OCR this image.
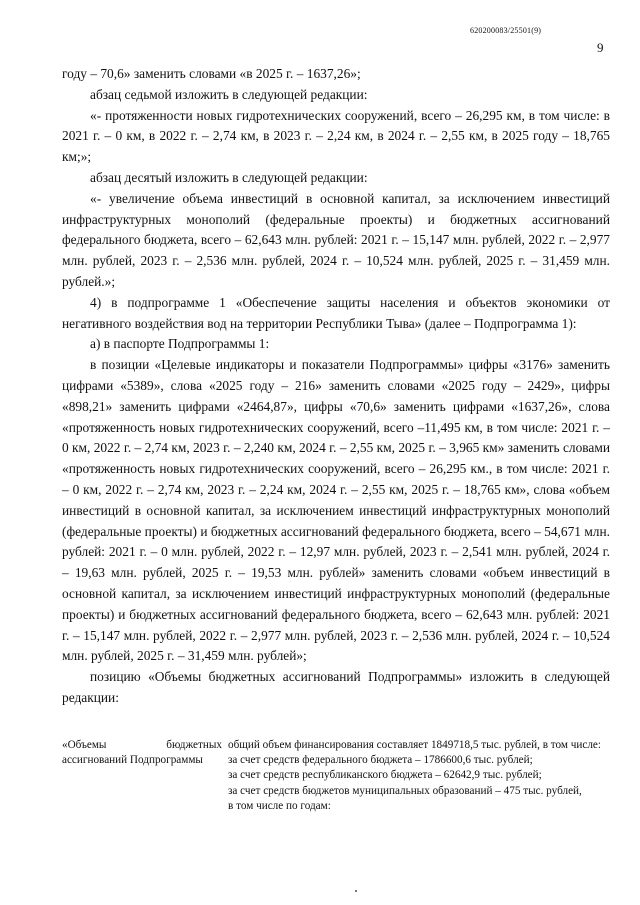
620200083/25501(9)
9

году – 70,6» заменить словами «в 2025 г. – 1637,26»;

абзац седьмой изложить в следующей редакции:

«- протяженности новых гидротехнических сооружений, всего – 26,295 км, в том числе: в 2021 г. – 0 км, в 2022 г. – 2,74 км, в 2023 г. – 2,24 км, в 2024 г. – 2,55 км, в 2025 году – 18,765 км;»;

абзац десятый изложить в следующей редакции:

«- увеличение объема инвестиций в основной капитал, за исключением инвестиций инфраструктурных монополий (федеральные проекты) и бюджетных ассигнований федерального бюджета, всего – 62,643 млн. рублей: 2021 г. – 15,147 млн. рублей, 2022 г. – 2,977 млн. рублей, 2023 г. – 2,536 млн. рублей, 2024 г. – 10,524 млн. рублей, 2025 г. – 31,459 млн. рублей.»;

4) в подпрограмме 1 «Обеспечение защиты населения и объектов экономики от негативного воздействия вод на территории Республики Тыва» (далее – Подпрограмма 1):

а) в паспорте Подпрограммы 1:

в позиции «Целевые индикаторы и показатели Подпрограммы» цифры «3176» заменить цифрами «5389», слова «2025 году – 216» заменить словами «2025 году – 2429», цифры «898,21» заменить цифрами «2464,87», цифры «70,6» заменить цифрами «1637,26», слова «протяженность новых гидротехнических сооружений, всего –11,495 км, в том числе: 2021 г. – 0 км, 2022 г. – 2,74 км, 2023 г. – 2,240 км, 2024 г. – 2,55 км, 2025 г. – 3,965 км» заменить словами «протяженность новых гидротехнических сооружений, всего – 26,295 км., в том числе: 2021 г. – 0 км, 2022 г. – 2,74 км, 2023 г. – 2,24 км, 2024 г. – 2,55 км, 2025 г. – 18,765 км», слова «объем инвестиций в основной капитал, за исключением инвестиций инфраструктурных монополий (федеральные проекты) и бюджетных ассигнований федерального бюджета, всего – 54,671 млн. рублей: 2021 г. – 0 млн. рублей, 2022 г. – 12,97 млн. рублей, 2023 г. – 2,541 млн. рублей, 2024 г. – 19,63 млн. рублей, 2025 г. – 19,53 млн. рублей» заменить словами «объем инвестиций в основной капитал, за исключением инвестиций инфраструктурных монополий (федеральные проекты) и бюджетных ассигнований федерального бюджета, всего – 62,643 млн. рублей: 2021 г. – 15,147 млн. рублей, 2022 г. – 2,977 млн. рублей, 2023 г. – 2,536 млн. рублей, 2024 г. – 10,524 млн. рублей, 2025 г. – 31,459 млн. рублей»;

позицию «Объемы бюджетных ассигнований Подпрограммы» изложить в следующей редакции:

«Объемы бюджетных ассигнований Подпрограммы
общий объем финансирования составляет 1849718,5 тыс. рублей, в том числе:
за счет средств федерального бюджета – 1786600,6 тыс. рублей;
за счет средств республиканского бюджета – 62642,9 тыс. рублей;
за счет средств бюджетов муниципальных образований – 475 тыс. рублей,
в том числе по годам:
